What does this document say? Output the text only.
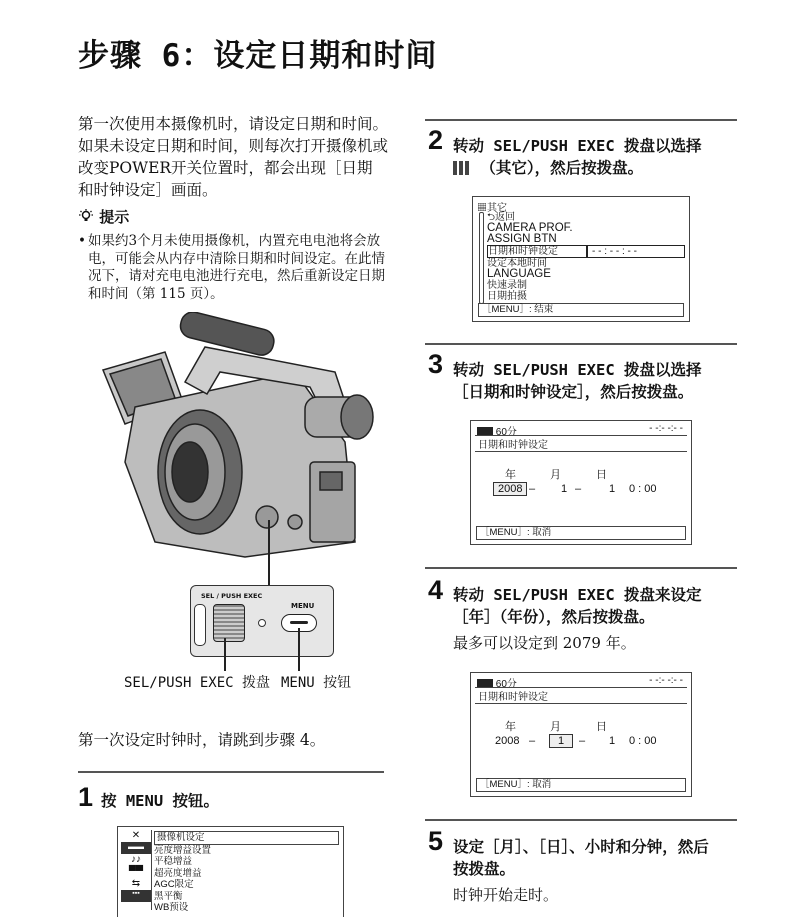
步骤 6：设定日期和时间
第一次使用本摄像机时，请设定日期和时间。如果未设定日期和时间，则每次打开摄像机或改变POWER开关位置时，都会出现［日期和时钟设定］画面。
提示
• 如果约3个月未使用摄像机，内置充电电池将会放电，可能会从内存中清除日期和时间设定。在此情况下，请对充电电池进行充电，然后重新设定日期和时间（第 115 页）。
SEL / PUSH EXEC
MENU
SEL/PUSH EXEC 拨盘 MENU 按钮
第一次设定时钟时，请跳到步骤 4。
1 按 MENU 按钮。
✕
▬▬
♪♪
▀▀
⇆
▪▪▪
摄像机设定
亮度增益设置
平稳增益
超亮度增益
AGC限定
黑平衡
WB预设
2 转动 SEL/PUSH EXEC 拨盘以选择
（其它），然后按拨盘。
▦其它
⮌返回
CAMERA PROF.
ASSIGN BTN
日期和时钟设定	- - : - - : - -
设定本地时间
LANGUAGE
快速录制
日期拍摄
［MENU］: 结束
3 转动 SEL/PUSH EXEC 拨盘以选择
［日期和时钟设定］，然后按拨盘。
60分	- -:- -:- -
日期和时钟设定
年	月	日
2008 – 1 –	1 0 : 00
［MENU］: 取消
4 转动 SEL/PUSH EXEC 拨盘来设定
［年］（年份），然后按拨盘。
最多可以设定到 2079 年。
60分	- -:- -:- -
日期和时钟设定
年	月	日
2008 –	1	– 1 0 : 00
［MENU］: 取消
5 设定［月］、［日］、小时和分钟，然后
按拨盘。
时钟开始走时。
